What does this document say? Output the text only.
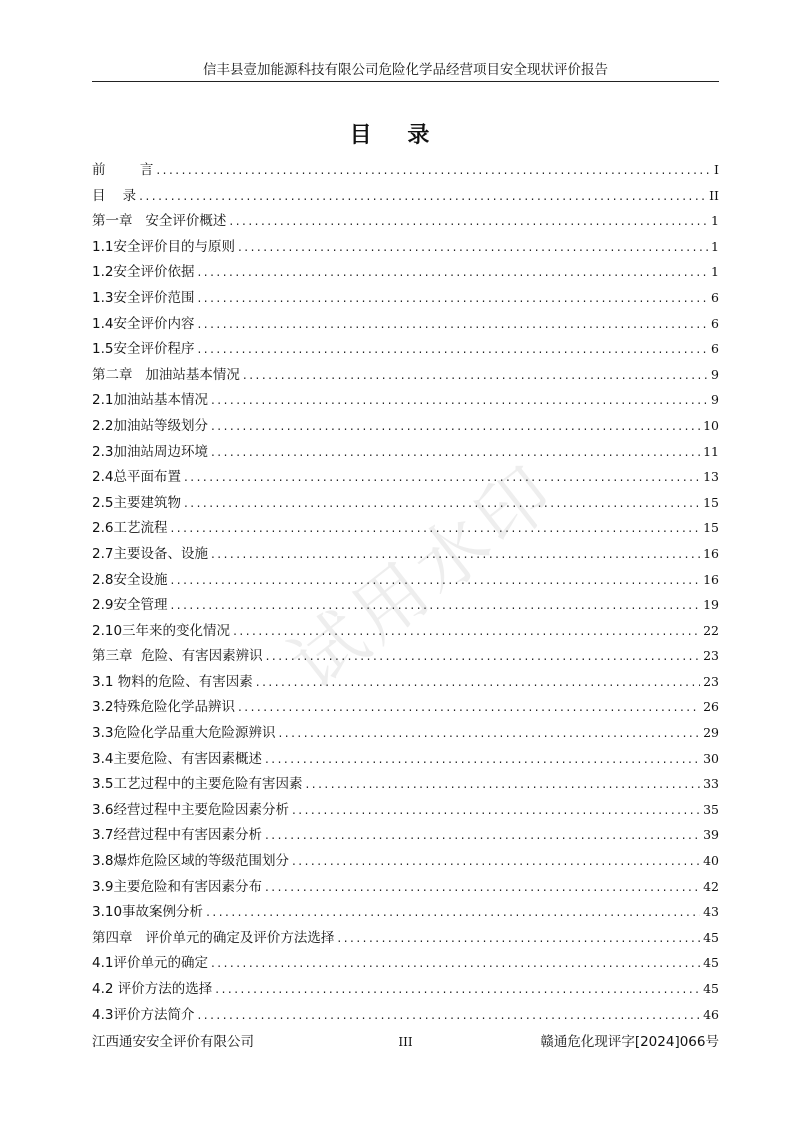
信丰县壹加能源科技有限公司危险化学品经营项目安全现状评价报告
目 录
前        言 .....	I
目    录 .....	II
第一章   安全评价概述 .....	1
1.1安全评价目的与原则 .....	1
1.2安全评价依据 .....	1
1.3安全评价范围 .....	6
1.4安全评价内容 .....	6
1.5安全评价程序 .....	6
第二章   加油站基本情况 .....	9
2.1加油站基本情况 .....	9
2.2加油站等级划分 .....	10
2.3加油站周边环境 .....	11
2.4总平面布置 .....	13
2.5主要建筑物 .....	15
2.6工艺流程 .....	15
2.7主要设备、设施 .....	16
2.8安全设施 .....	16
2.9安全管理 .....	19
2.10三年来的变化情况 .....	22
第三章  危险、有害因素辨识 .....	23
3.1 物料的危险、有害因素 .....	23
3.2特殊危险化学品辨识 .....	26
3.3危险化学品重大危险源辨识 .....	29
3.4主要危险、有害因素概述 .....	30
3.5工艺过程中的主要危险有害因素 .....	33
3.6经营过程中主要危险因素分析 .....	35
3.7经营过程中有害因素分析 .....	39
3.8爆炸危险区域的等级范围划分 .....	40
3.9主要危险和有害因素分布 .....	42
3.10事故案例分析 .....	43
第四章   评价单元的确定及评价方法选择 .....	45
4.1评价单元的确定 .....	45
4.2 评价方法的选择 .....	45
4.3评价方法简介 .....	46
江西通安安全评价有限公司	III	赣通危化现评字[2024]066号
试用水印
